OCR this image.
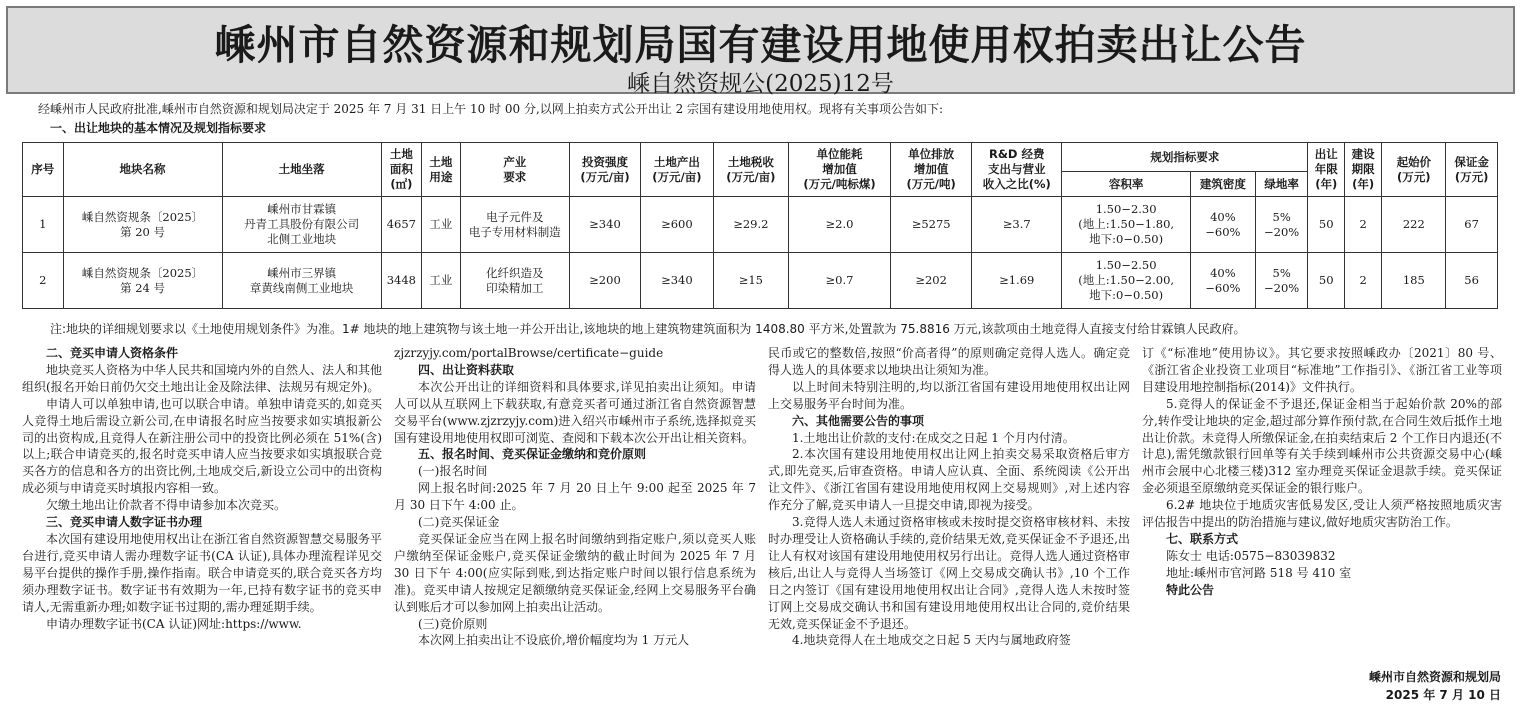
嵊州市自然资源和规划局国有建设用地使用权拍卖出让公告
嵊自然资规公(2025)12号
经嵊州市人民政府批准,嵊州市自然资源和规划局决定于 2025 年 7 月 31 日上午 10 时 00 分,以网上拍卖方式公开出让 2 宗国有建设用地使用权。现将有关事项公告如下:
一、出让地块的基本情况及规划指标要求
序号	地块名称	土地坐落	土地
面积
(㎡)	土地
用途	产业
要求	投资强度
(万元/亩)	土地产出
(万元/亩)	土地税收
(万元/亩)	单位能耗
增加值
(万元/吨标煤)	单位排放
增加值
(万元/吨)	R&D 经费
支出与营业
收入之比(%)	规划指标要求			出让
年限
(年)	建设
期限
(年)	起始价
(万元)	保证金
(万元)
												容积率	建筑密度	绿地率				
1	嵊自然资规条〔2025〕
第 20 号	嵊州市甘霖镇
丹青工具股份有限公司
北侧工业地块	4657	工业	电子元件及
电子专用材料制造	≥340	≥600	≥29.2	≥2.0	≥5275	≥3.7	1.50−2.30
(地上:1.50−1.80,
地下:0−0.50)	40%
−60%	5%
−20%	50	2	222	67
2	嵊自然资规条〔2025〕
第 24 号	嵊州市三界镇
章黄线南侧工业地块	3448	工业	化纤织造及
印染精加工	≥200	≥340	≥15	≥0.7	≥202	≥1.69	1.50−2.50
(地上:1.50−2.00,
地下:0−0.50)	40%
−60%	5%
−20%	50	2	185	56
注:地块的详细规划要求以《土地使用规划条件》为准。1# 地块的地上建筑物与该土地一并公开出让,该地块的地上建筑物建筑面积为 1408.80 平方米,处置款为 75.8816 万元,该款项由土地竞得人直接支付给甘霖镇人民政府。
二、竞买申请人资格条件

地块竞买人资格为中华人民共和国境内外的自然人、法人和其他组织(报名开始日前仍欠交土地出让金及除法律、法规另有规定外)。

申请人可以单独申请,也可以联合申请。单独申请竞买的,如竞买人竞得土地后需设立新公司,在申请报名时应当按要求如实填报新公司的出资构成,且竞得人在新注册公司中的投资比例必须在 51%(含)以上;联合申请竞买的,报名时竞买申请人应当按要求如实填报联合竞买各方的信息和各方的出资比例,土地成交后,新设立公司中的出资构成必须与申请竞买时填报内容相一致。

欠缴土地出让价款者不得申请参加本次竞买。

三、竞买申请人数字证书办理

本次国有建设用地使用权出让在浙江省自然资源智慧交易服务平台进行,竞买申请人需办理数字证书(CA 认证),具体办理流程详见交易平台提供的操作手册,操作指南。联合申请竞买的,联合竞买各方均须办理数字证书。数字证书有效期为一年,已持有数字证书的竞买申请人,无需重新办理;如数字证书过期的,需办理延期手续。

申请办理数字证书(CA 认证)网址:https://www.

zjzrzyjy.com/portalBrowse/certificate−guide

四、出让资料获取

本次公开出让的详细资料和具体要求,详见拍卖出让须知。申请人可以从互联网上下载获取,有意竞买者可通过浙江省自然资源智慧交易平台(www.zjzrzyjy.com)进入绍兴市嵊州市子系统,选择拟竞买国有建设用地使用权即可浏览、查阅和下载本次公开出让相关资料。

五、报名时间、竞买保证金缴纳和竞价原则
(一)报名时间

网上报名时间:2025 年 7 月 20 日上午 9:00 起至 2025 年 7 月 30 日下午 4:00 止。

(二)竞买保证金

竞买保证金应当在网上报名时间缴纳到指定账户,须以竞买人账户缴纳至保证金账户,竞买保证金缴纳的截止时间为 2025 年 7 月 30 日下午 4:00(应实际到账,到达指定账户时间以银行信息系统为准)。竞买申请人按规定足额缴纳竞买保证金,经网上交易服务平台确认到账后才可以参加网上拍卖出让活动。

(三)竞价原则

本次网上拍卖出让不设底价,增价幅度均为 1 万元人

民币或它的整数倍,按照“价高者得”的原则确定竞得人选人。确定竞得人选人的具体要求以地块出让须知为准。

以上时间未特别注明的,均以浙江省国有建设用地使用权出让网上交易服务平台时间为准。

六、其他需要公告的事项

1.土地出让价款的支付:在成交之日起 1 个月内付清。

2.本次国有建设用地使用权出让网上拍卖交易采取资格后审方式,即先竞买,后审查资格。申请人应认真、全面、系统阅读《公开出让文件》、《浙江省国有建设用地使用权网上交易规则》,对上述内容作充分了解,竞买申请人一旦提交申请,即视为接受。

3.竞得人选人未通过资格审核或未按时提交资格审核材料、未按时办理受让人资格确认手续的,竞价结果无效,竞买保证金不予退还,出让人有权对该国有建设用地使用权另行出让。竞得人选人通过资格审核后,出让人与竞得人当场签订《网上交易成交确认书》,10 个工作日之内签订《国有建设用地使用权出让合同》,竞得人选人未按时签订网上交易成交确认书和国有建设用地使用权出让合同的,竞价结果无效,竞买保证金不予退还。

4.地块竞得人在土地成交之日起 5 天内与属地政府签

订《“标准地”使用协议》。其它要求按照嵊政办〔2021〕80 号、《浙江省企业投资工业项目“标准地”工作指引》、《浙江省工业等项目建设用地控制指标(2014)》文件执行。

5.竞得人的保证金不予退还,保证金相当于起始价款 20%的部分,转作受让地块的定金,超过部分算作预付款,在合同生效后抵作土地出让价款。未竞得人所缴保证金,在拍卖结束后 2 个工作日内退还(不计息),需凭缴款银行回单等有关手续到嵊州市公共资源交易中心(嵊州市会展中心北楼三楼)312 室办理竞买保证金退款手续。竞买保证金必须退至原缴纳竞买保证金的银行账户。

6.2# 地块位于地质灾害低易发区,受让人须严格按照地质灾害评估报告中提出的防治措施与建议,做好地质灾害防治工作。

七、联系方式

陈女士 电话:0575−83039832

地址:嵊州市官河路 518 号 410 室

特此公告
嵊州市自然资源和规划局
2025 年 7 月 10 日
